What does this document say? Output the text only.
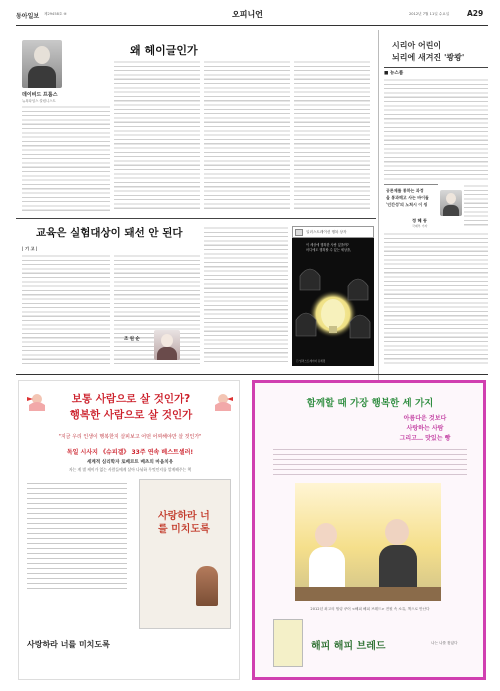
동아일보 제29458호 ⑧	오피니언	2012년 7월 11일 수요일 A29
왜 헤이글인가
데이비드 프롬스
뉴욕타임스 칼럼니스트
교육은 실험대상이 돼선 안 된다
| 기 고 |
조 원 순
일러스트레이션 행복 상자
이 세상에 행복한 사람 있을까?
어디에도 행복할 수 있는 세상을,
ⓒ 일러스트레이터 유세경
시리아 어린이
뇌리에 새겨진 '쾅쾅'
■ 뉴스룸
공론제를 통하는 과정
을 통과해고 사는 바이돌
'인간성'의 노쳐시 이 씽
정 혜 동
국제부 기자
보통 사람으로 살 것인가?
행복한 사람으로 살 것인가
"지금 우리 인생이 행복한지 살피보고 어떤 어찌해야만 살 것인가"
독일 시사지 《슈피겔》 33주 연속 베스트셀러!
세계적 심리학자 로베르트 베츠의 마음치유
자는 게 별 케이가 없는 사람들에게 살아 나눠하 무엇인지를 알게해주는 책
사랑하라 너를 미치도록
사랑하라 너를 미치도록
함께할 때 가장 행복한 세 가지
아름다운 것보다
사랑하는 사람
그리고… 맛있는 빵
2012년 최고의 힐링 쿠어 <해피 해피 브레드> 전원 속 소유, 책으로 만난다
해피 해피 브레드	나는 나를 찾았다
